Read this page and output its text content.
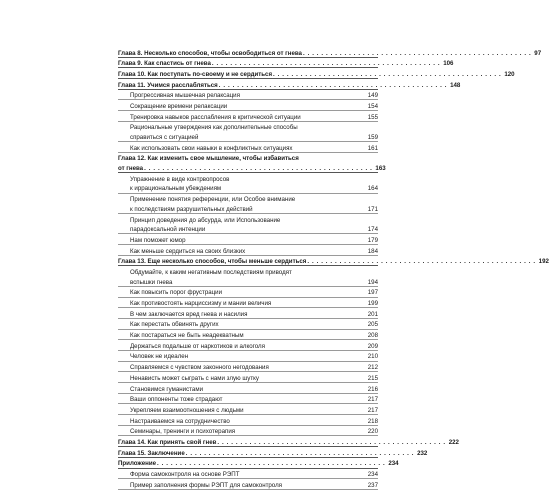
Глава 8. Несколько способов, чтобы освободиться от гнева . . . . . . . . . . . . . . . . . . . . . . . . . . . . . . . . . . . . . . . . . . . . . . . . . . 97
Глава 9. Как спастись от гнева . . . . . . . . . . . . . . . . . . . . . . . . . . . . . . . . . . . . . . . . . . . . . . . . . . 106
Глава 10. Как поступать по-своему и не сердиться . . . . . . . . . . . . . . . . . . . . . . . . . . . . . . . . . . . . . . . . . . . . . . . . . . 120
Глава 11. Учимся расслабляться . . . . . . . . . . . . . . . . . . . . . . . . . . . . . . . . . . . . . . . . . . . . . . . . . . 148
Прогрессивная мышечная релаксация	149
Сокращение времени релаксации	154
Тренировка навыков расслабления в критической ситуации	155
Рациональные утверждения как дополнительные способы
справиться с ситуацией	159
Как использовать свои навыки в конфликтных ситуациях	161
Глава 12. Как изменить свое мышление, чтобы избавиться
от гнева . . . . . . . . . . . . . . . . . . . . . . . . . . . . . . . . . . . . . . . . . . . . . . . . . . 163
Упражнение в виде контрвопросов
к иррациональным убеждениям	164
Применение понятия референции, или Особое внимание
к последствиям разрушительных действий	171
Принцип доведения до абсурда, или Использование
парадоксальной интенции	174
Нам поможет юмор	179
Как меньше сердиться на своих близких	184
Глава 13. Еще несколько способов, чтобы меньше сердиться . . . . . . . . . . . . . . . . . . . . . . . . . . . . . . . . . . . . . . . . . . . . . . . . . . 192
Обдумайте, к каким негативным последствиям приводят
вспышки гнева	194
Как повысить порог фрустрации	197
Как противостоять нарциссизму и мании величия	199
В чем заключается вред гнева и насилия	201
Как перестать обвинять других	205
Как постараться не быть неадекватным	208
Держаться подальше от наркотиков и алкоголя	209
Человек не идеален	210
Справляемся с чувством законного негодования	212
Ненависть может сыграть с нами злую шутку	215
Становимся гуманистами	216
Ваши оппоненты тоже страдают	217
Укрепляем взаимоотношения с людьми	217
Настраиваемся на сотрудничество	218
Семинары, тренинги и психотерапия	220
Глава 14. Как принять свой гнев . . . . . . . . . . . . . . . . . . . . . . . . . . . . . . . . . . . . . . . . . . . . . . . . . . 222
Глава 15. Заключение . . . . . . . . . . . . . . . . . . . . . . . . . . . . . . . . . . . . . . . . . . . . . . . . . . 232
Приложение . . . . . . . . . . . . . . . . . . . . . . . . . . . . . . . . . . . . . . . . . . . . . . . . . . 234
Форма самоконтроля на основе РЭПТ	234
Пример заполнения формы РЭПТ для самоконтроля	237
